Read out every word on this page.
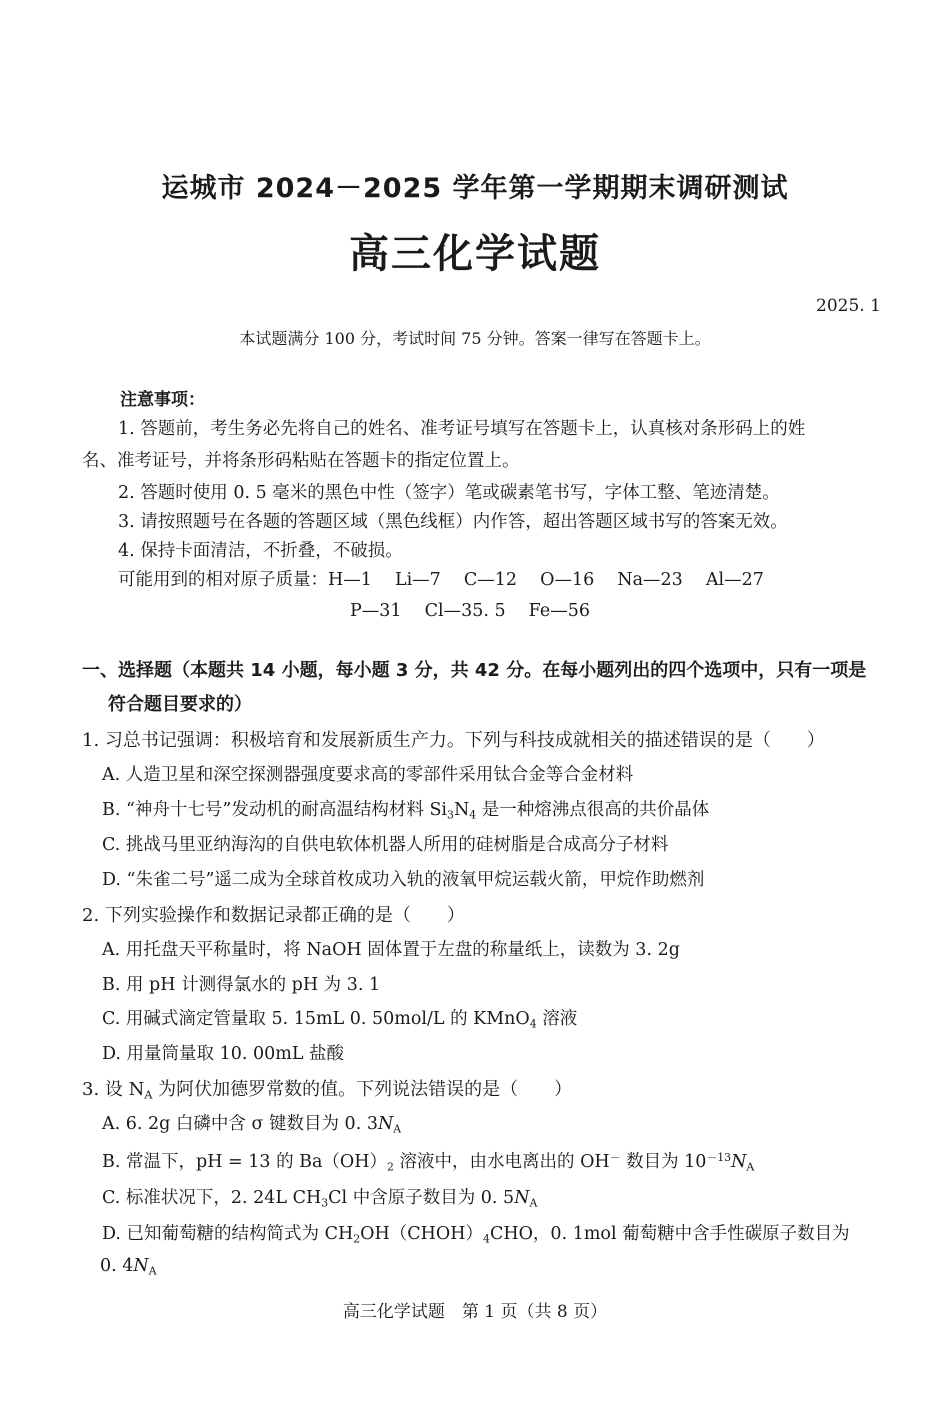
运城市 2024－2025 学年第一学期期末调研测试
高三化学试题
2025. 1
本试题满分 100 分，考试时间 75 分钟。答案一律写在答题卡上。
注意事项：
1. 答题前，考生务必先将自己的姓名、准考证号填写在答题卡上，认真核对条形码上的姓
名、准考证号，并将条形码粘贴在答题卡的指定位置上。
2. 答题时使用 0. 5 毫米的黑色中性（签字）笔或碳素笔书写，字体工整、笔迹清楚。
3. 请按照题号在各题的答题区域（黑色线框）内作答，超出答题区域书写的答案无效。
4. 保持卡面清洁，不折叠，不破损。
可能用到的相对原子质量：H—1　 Li—7　 C—12　 O—16　 Na—23　 Al—27
P—31　 Cl—35. 5　 Fe—56
一、选择题（本题共 14 小题，每小题 3 分，共 42 分。在每小题列出的四个选项中，只有一项是
符合题目要求的）
1. 习总书记强调：积极培育和发展新质生产力。下列与科技成就相关的描述错误的是（　　）
A. 人造卫星和深空探测器强度要求高的零部件采用钛合金等合金材料
B. “神舟十七号”发动机的耐高温结构材料 $Si_3N_4$ 是一种熔沸点很高的共价晶体
C. 挑战马里亚纳海沟的自供电软体机器人所用的硅树脂是合成高分子材料
D. “朱雀二号”遥二成为全球首枚成功入轨的液氧甲烷运载火箭，甲烷作助燃剂
2. 下列实验操作和数据记录都正确的是（　　）
A. 用托盘天平称量时，将 NaOH 固体置于左盘的称量纸上，读数为 3. 2g
B. 用 pH 计测得氯水的 pH 为 3. 1
C. 用碱式滴定管量取 5. 15mL 0. 50mol/L 的 KMnO$_4$ 溶液
D. 用量筒量取 10. 00mL 盐酸
3. 设 $N_A$ 为阿伏加德罗常数的值。下列说法错误的是（　　）
A. 6. 2g 白磷中含 σ 键数目为 0. $3N_A$
B. 常温下，pH = 13 的 $Ba(OH)_2$ 溶液中，由水电离出的 OH－ 数目为 $10^{-13}N_A$
C. 标准状况下，2. 24L $CH_3Cl$ 中含原子数目为 0. $5N_A$
D. 已知葡萄糖的结构简式为 $CH_2OH(CHOH)_4CHO$，0. 1mol 葡萄糖中含手性碳原子数目为
0. $4N_A$
高三化学试题　第 1 页（共 8 页）
